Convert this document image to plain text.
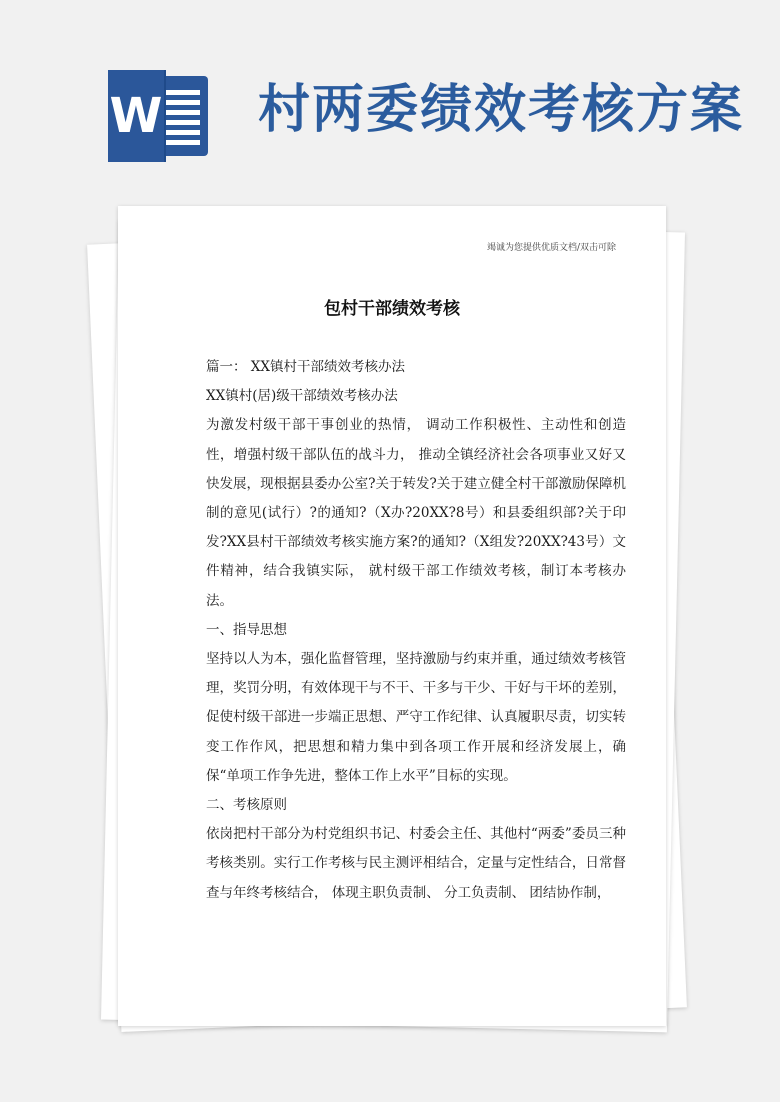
W 村两委绩效考核方案
竭诚为您提供优质文档/双击可除
包村干部绩效考核

篇一： XX镇村干部绩效考核办法

XX镇村(居)级干部绩效考核办法

为激发村级干部干事创业的热情， 调动工作积极性、主动性和创造性，增强村级干部队伍的战斗力， 推动全镇经济社会各项事业又好又快发展，现根据县委办公室?关于转发?关于建立健全村干部激励保障机制的意见(试行）?的通知?（X办?20XX?8号）和县委组织部?关于印发?XX县村干部绩效考核实施方案?的通知?（X组发?20XX?43号）文件精神，结合我镇实际， 就村级干部工作绩效考核，制订本考核办法。

一、指导思想

坚持以人为本，强化监督管理，坚持激励与约束并重，通过绩效考核管理，奖罚分明，有效体现干与不干、干多与干少、干好与干坏的差别，促使村级干部进一步端正思想、严守工作纪律、认真履职尽责，切实转变工作作风，把思想和精力集中到各项工作开展和经济发展上，确保“单项工作争先进，整体工作上水平”目标的实现。

二、考核原则

依岗把村干部分为村党组织书记、村委会主任、其他村“两委”委员三种考核类别。实行工作考核与民主测评相结合，定量与定性结合，日常督查与年终考核结合， 体现主职负责制、 分工负责制、 团结协作制，
